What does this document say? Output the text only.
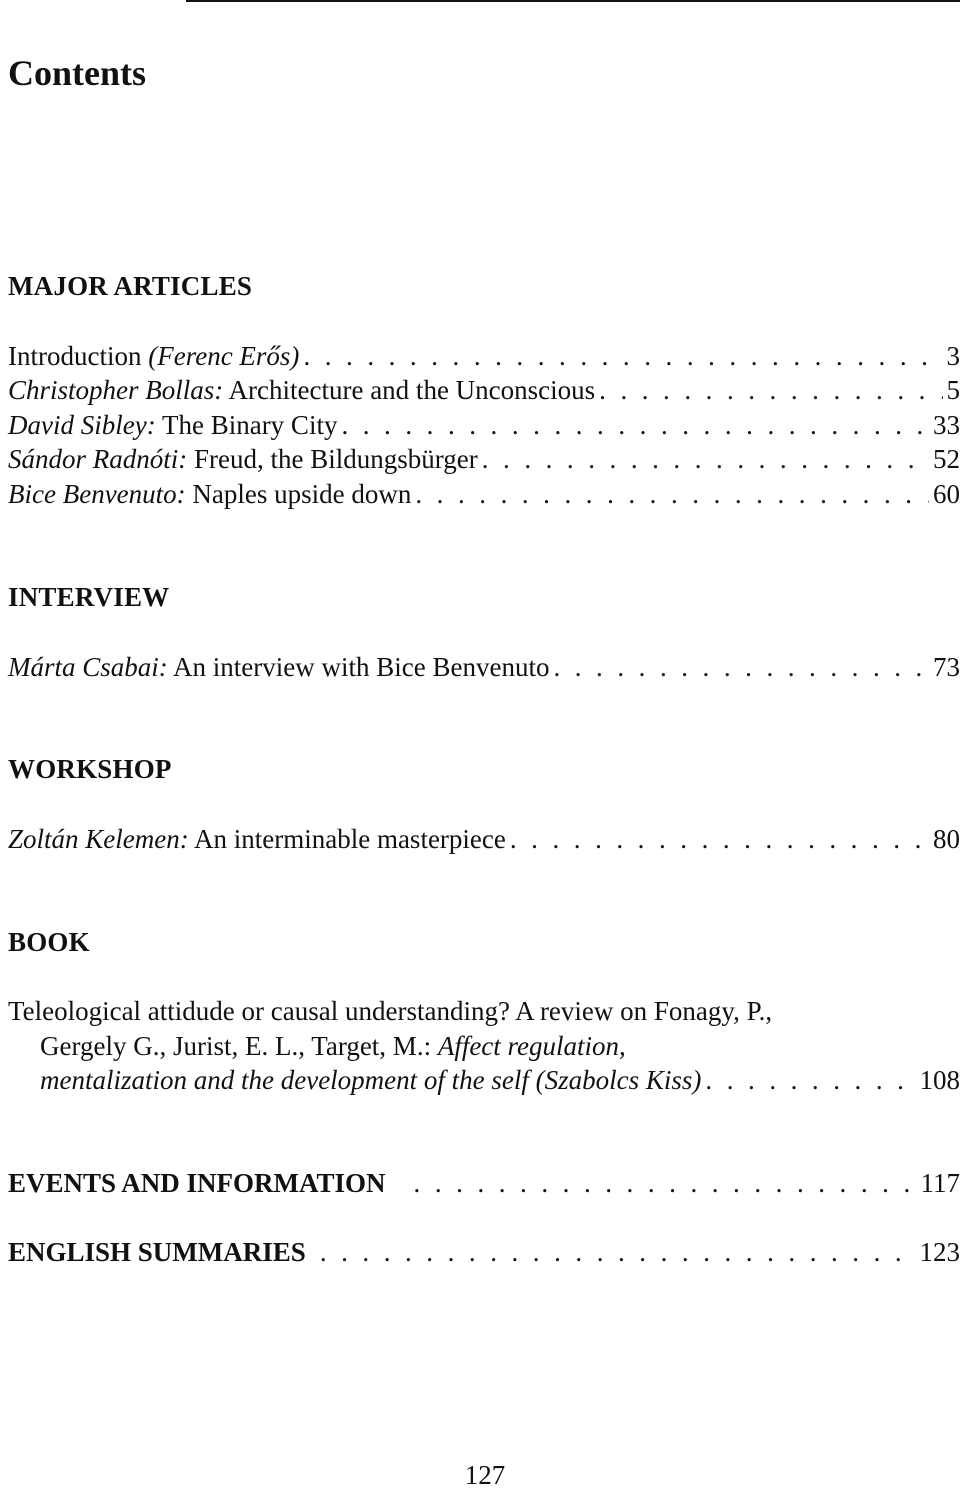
Contents
MAJOR ARTICLES
Introduction (Ferenc Erős) . . .	3
Christopher Bollas: Architecture and the Unconscious . . .	5
David Sibley: The Binary City . . .	33
Sándor Radnóti: Freud, the Bildungsbürger . . .	52
Bice Benvenuto: Naples upside down . . .	60
INTERVIEW
Márta Csabai: An interview with Bice Benvenuto . . .	73
WORKSHOP
Zoltán Kelemen: An interminable masterpiece . . .	80
BOOK
Teleological attidude or causal understanding? A review on Fonagy, P.,
Gergely G., Jurist, E. L., Target, M.: Affect regulation,
mentalization and the development of the self (Szabolcs Kiss) . . .	108
EVENTS AND INFORMATION . . .	117
ENGLISH SUMMARIES . . .	123
127
